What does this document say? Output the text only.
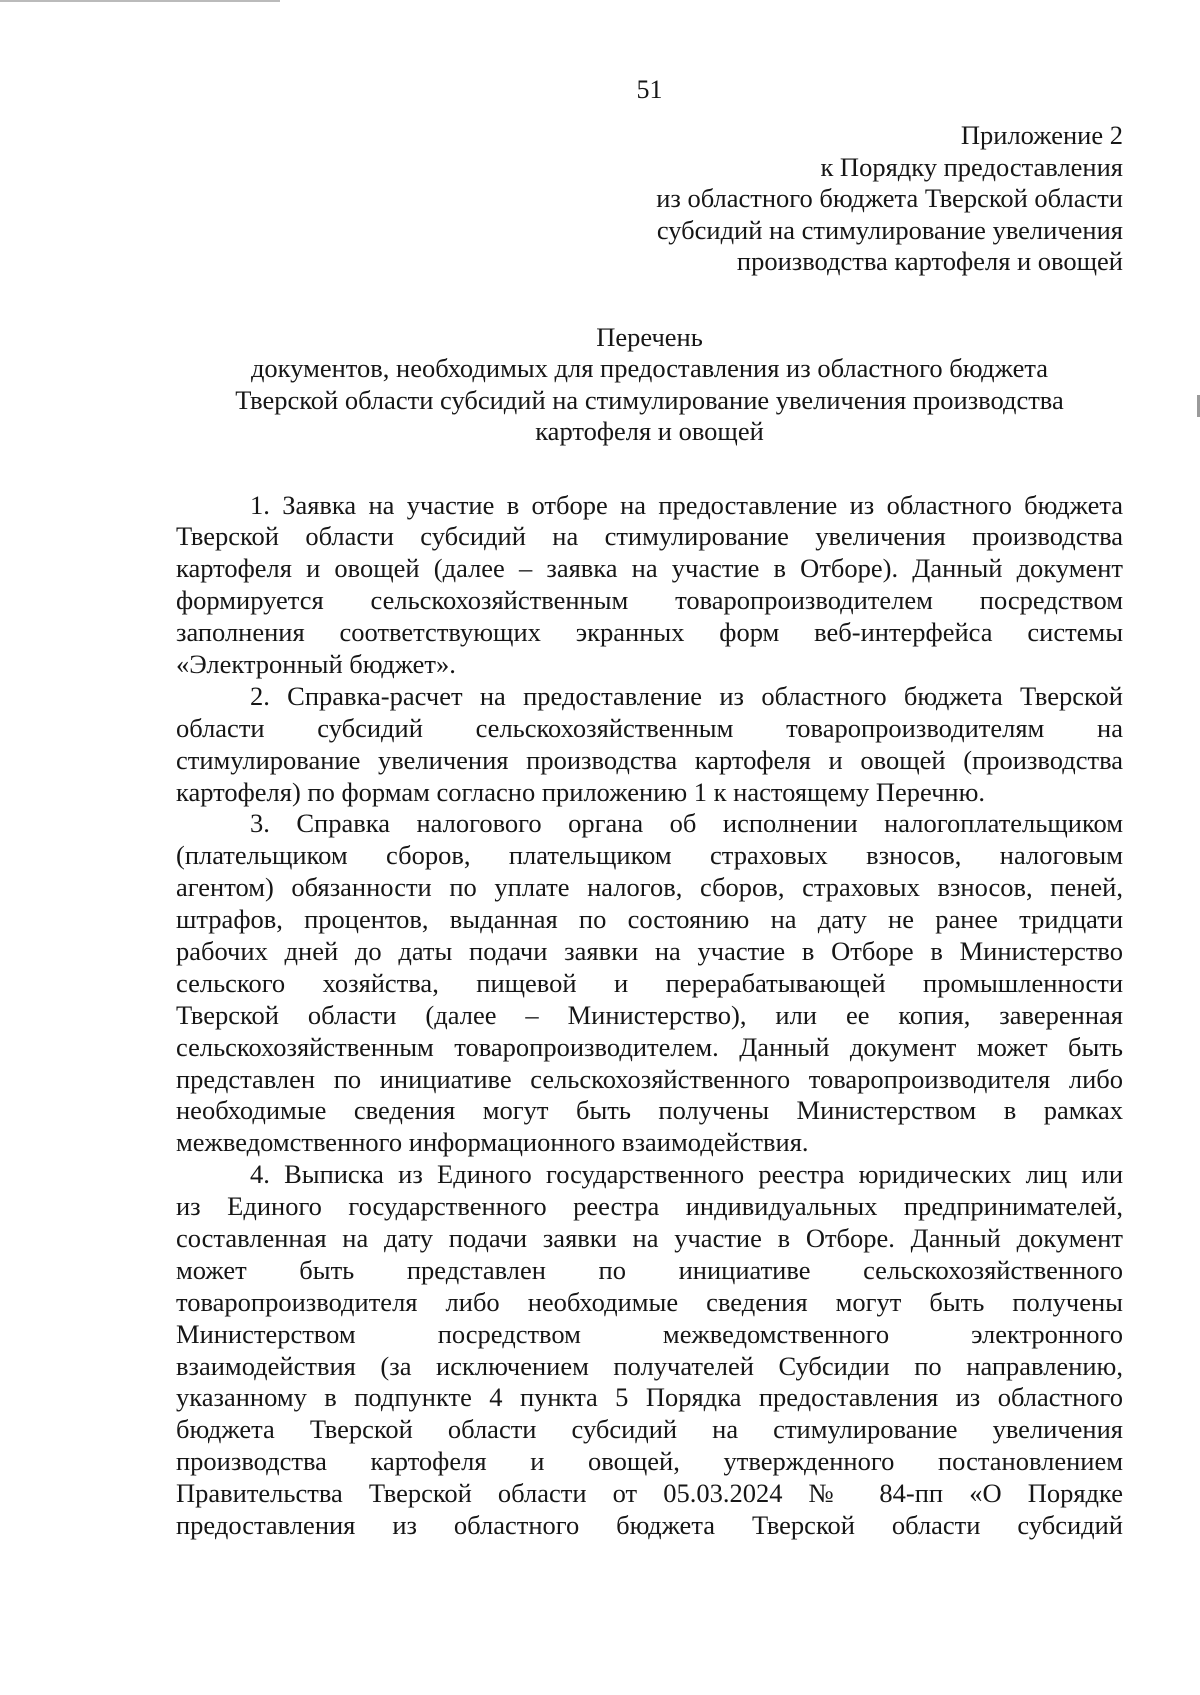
51
Приложение 2
к Порядку предоставления
из областного бюджета Тверской области
субсидий на стимулирование увеличения
производства картофеля и овощей
Перечень
документов, необходимых для предоставления из областного бюджета
Тверской области субсидий на стимулирование увеличения производства
картофеля и овощей
1. Заявка на участие в отборе на предоставление из областного бюджета
Тверской области субсидий на стимулирование увеличения производства
картофеля и овощей (далее – заявка на участие в Отборе). Данный документ
формируется сельскохозяйственным товаропроизводителем посредством
заполнения соответствующих экранных форм веб-интерфейса системы
«Электронный бюджет».
2. Справка-расчет на предоставление из областного бюджета Тверской
области субсидий сельскохозяйственным товаропроизводителям на
стимулирование увеличения производства картофеля и овощей (производства
картофеля) по формам согласно приложению 1 к настоящему Перечню.
3. Справка налогового органа об исполнении налогоплательщиком
(плательщиком сборов, плательщиком страховых взносов, налоговым
агентом) обязанности по уплате налогов, сборов, страховых взносов, пеней,
штрафов, процентов, выданная по состоянию на дату не ранее тридцати
рабочих дней до даты подачи заявки на участие в Отборе в Министерство
сельского хозяйства, пищевой и перерабатывающей промышленности
Тверской области (далее – Министерство), или ее копия, заверенная
сельскохозяйственным товаропроизводителем. Данный документ может быть
представлен по инициативе сельскохозяйственного товаропроизводителя либо
необходимые сведения могут быть получены Министерством в рамках
межведомственного информационного взаимодействия.
4. Выписка из Единого государственного реестра юридических лиц или
из Единого государственного реестра индивидуальных предпринимателей,
составленная на дату подачи заявки на участие в Отборе. Данный документ
может быть представлен по инициативе сельскохозяйственного
товаропроизводителя либо необходимые сведения могут быть получены
Министерством посредством межведомственного электронного
взаимодействия (за исключением получателей Субсидии по направлению,
указанному в подпункте 4 пункта 5 Порядка предоставления из областного
бюджета Тверской области субсидий на стимулирование увеличения
производства картофеля и овощей, утвержденного постановлением
Правительства Тверской области от 05.03.2024 № 84-пп «О Порядке
предоставления из областного бюджета Тверской области субсидий
